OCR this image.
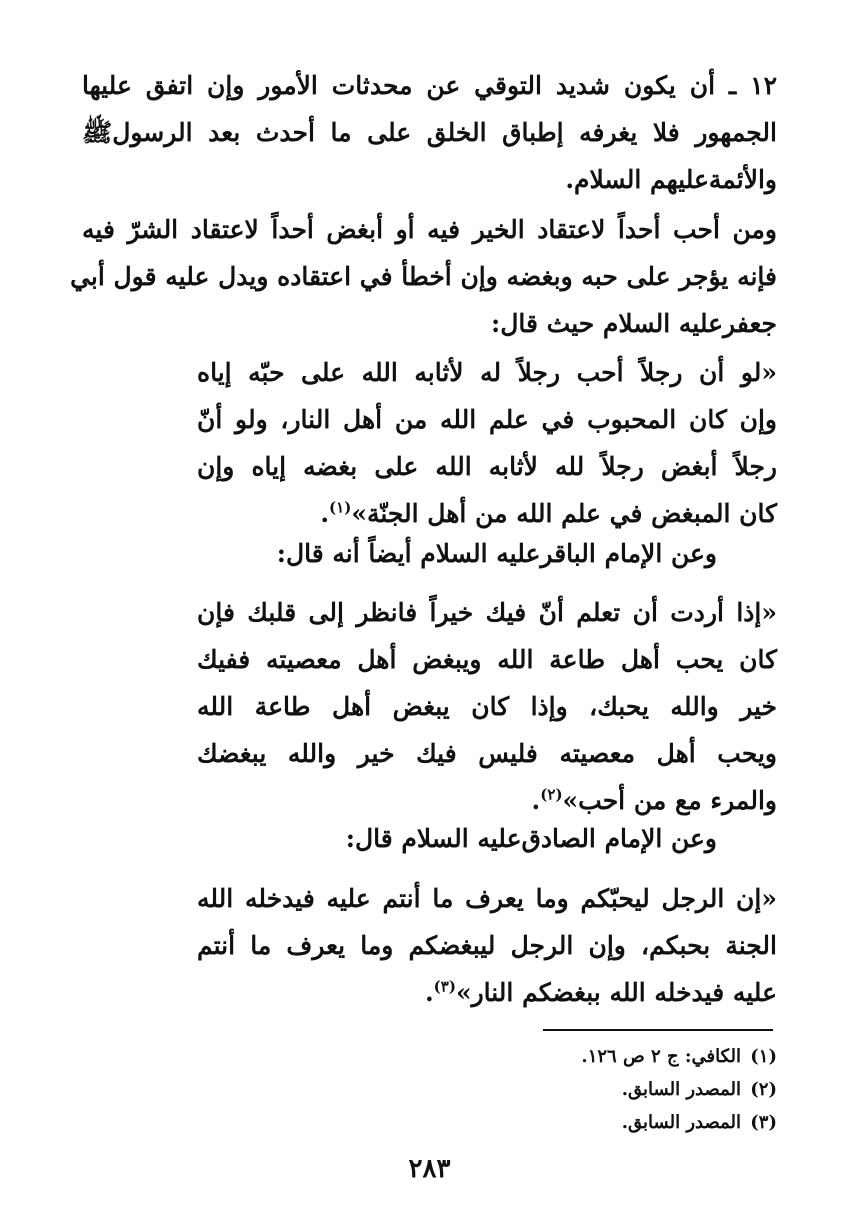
١٢ ـ أن يكون شديد التوقي عن محدثات الأمور وإن اتفق عليها
الجمهور فلا يغرفه إطباق الخلق على ما أحدث بعد الرسولﷺ
والأئمة‌عليهم السلام.

ومن أحب أحداً لاعتقاد الخير فيه أو أبغض أحداً لاعتقاد الشرّ فيه
فإنه يؤجر على حبه وبغضه وإن أخطأ في اعتقاده ويدل عليه قول أبي
جعفر‌عليه السلام حيث قال:

«لو أن رجلاً أحب رجلاً له لأثابه الله على حبّه إياه
وإن كان المحبوب في علم الله من أهل النار، ولو أنّ
رجلاً أبغض رجلاً لله لأثابه الله على بغضه إياه وإن
كان المبغض في علم الله من أهل الجنّة»$^{(١)}$.

وعن الإمام الباقر‌عليه السلام أيضاً أنه قال:

«إذا أردت أن تعلم أنّ فيك خيراً فانظر إلى قلبك فإن
كان يحب أهل طاعة الله ويبغض أهل معصيته ففيك
خير والله يحبك، وإذا كان يبغض أهل طاعة الله
ويحب أهل معصيته فليس فيك خير والله يبغضك
والمرء مع من أحب»$^{(٢)}$.

وعن الإمام الصادق‌عليه السلام قال:

«إن الرجل ليحبّكم وما يعرف ما أنتم عليه فيدخله الله
الجنة بحبكم، وإن الرجل ليبغضكم وما يعرف ما أنتم
عليه فيدخله الله ببغضكم النار»$^{(٣)}$.

(١)الكافي: ج ٢ ص ١٢٦.
(٢)المصدر السابق.
(٣)المصدر السابق.
٢٨٣
